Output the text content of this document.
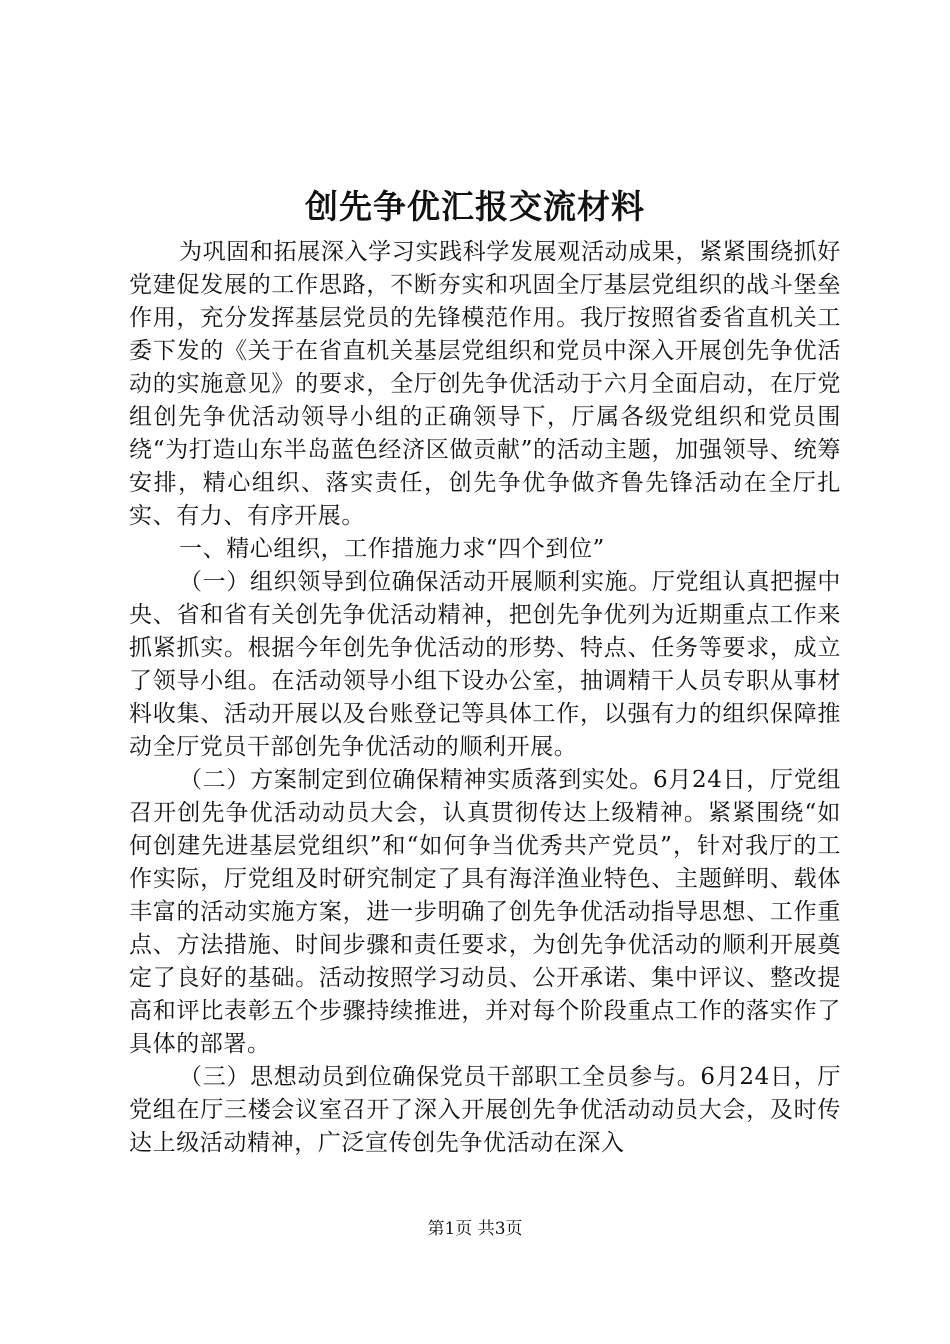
创先争优汇报交流材料

为巩固和拓展深入学习实践科学发展观活动成果，紧紧围绕抓好党建促发展的工作思路，不断夯实和巩固全厅基层党组织的战斗堡垒作用，充分发挥基层党员的先锋模范作用。我厅按照省委省直机关工委下发的《关于在省直机关基层党组织和党员中深入开展创先争优活动的实施意见》的要求，全厅创先争优活动于六月全面启动，在厅党组创先争优活动领导小组的正确领导下，厅属各级党组织和党员围绕“为打造山东半岛蓝色经济区做贡献”的活动主题，加强领导、统筹安排，精心组织、落实责任，创先争优争做齐鲁先锋活动在全厅扎实、有力、有序开展。

一、精心组织，工作措施力求“四个到位”

（一）组织领导到位确保活动开展顺利实施。厅党组认真把握中央、省和省有关创先争优活动精神，把创先争优列为近期重点工作来抓紧抓实。根据今年创先争优活动的形势、特点、任务等要求，成立了领导小组。在活动领导小组下设办公室，抽调精干人员专职从事材料收集、活动开展以及台账登记等具体工作，以强有力的组织保障推动全厅党员干部创先争优活动的顺利开展。

（二）方案制定到位确保精神实质落到实处。6月24日，厅党组召开创先争优活动动员大会，认真贯彻传达上级精神。紧紧围绕“如何创建先进基层党组织”和“如何争当优秀共产党员”，针对我厅的工作实际，厅党组及时研究制定了具有海洋渔业特色、主题鲜明、载体丰富的活动实施方案，进一步明确了创先争优活动指导思想、工作重点、方法措施、时间步骤和责任要求，为创先争优活动的顺利开展奠定了良好的基础。活动按照学习动员、公开承诺、集中评议、整改提高和评比表彰五个步骤持续推进，并对每个阶段重点工作的落实作了具体的部署。

（三）思想动员到位确保党员干部职工全员参与。6月24日，厅党组在厅三楼会议室召开了深入开展创先争优活动动员大会，及时传达上级活动精神，广泛宣传创先争优活动在深入

第1页 共3页
